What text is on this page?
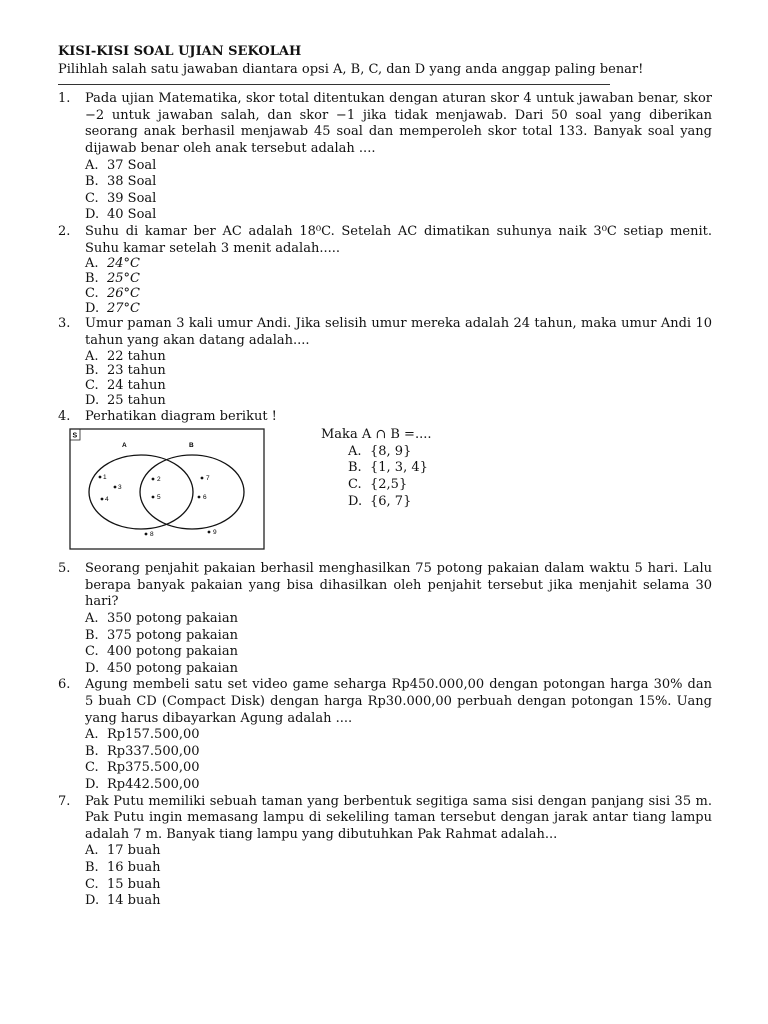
KISI-KISI SOAL UJIAN SEKOLAH
Pilihlah salah satu jawaban diantara opsi A, B, C, dan D yang anda anggap paling benar!
1. Pada ujian Matematika, skor total ditentukan dengan aturan skor 4 untuk jawaban benar, skor −2 untuk jawaban salah, dan skor −1 jika tidak menjawab. Dari 50 soal yang diberikan seorang anak berhasil menjawab 45 soal dan memperoleh skor total 133. Banyak soal yang dijawab benar oleh anak tersebut adalah ....
A. 37 Soal
B. 38 Soal
C. 39 Soal
D. 40 Soal
2. Suhu di kamar ber AC adalah 18⁰C. Setelah AC dimatikan suhunya naik 3⁰C setiap menit. Suhu kamar setelah 3 menit adalah.....
A. 24°C
B. 25°C
C. 26°C
D. 27°C
3. Umur paman 3 kali umur Andi. Jika selisih umur mereka adalah 24 tahun, maka umur Andi 10 tahun yang akan datang adalah....
A. 22 tahun
B. 23 tahun
C. 24 tahun
D. 25 tahun
4. Perhatikan diagram berikut !
S
A	B
1
3
4
2
5
7
6
8	9
Maka A ∩ B =....
A. {8, 9}
B. {1, 3, 4}
C. {2,5}
D. {6, 7}
5. Seorang penjahit pakaian berhasil menghasilkan 75 potong pakaian dalam waktu 5 hari. Lalu berapa banyak pakaian yang bisa dihasilkan oleh penjahit tersebut jika menjahit selama 30 hari?
A. 350 potong pakaian
B. 375 potong pakaian
C. 400 potong pakaian
D. 450 potong pakaian
6. Agung membeli satu set video game seharga Rp450.000,00 dengan potongan harga 30% dan 5 buah CD (Compact Disk) dengan harga Rp30.000,00 perbuah dengan potongan 15%. Uang yang harus dibayarkan Agung adalah ....
A. Rp157.500,00
B. Rp337.500,00
C. Rp375.500,00
D. Rp442.500,00
7. Pak Putu memiliki sebuah taman yang berbentuk segitiga sama sisi dengan panjang sisi 35 m. Pak Putu ingin memasang lampu di sekeliling taman tersebut dengan jarak antar tiang lampu adalah 7 m. Banyak tiang lampu yang dibutuhkan Pak Rahmat adalah...
A. 17 buah
B. 16 buah
C. 15 buah
D. 14 buah
